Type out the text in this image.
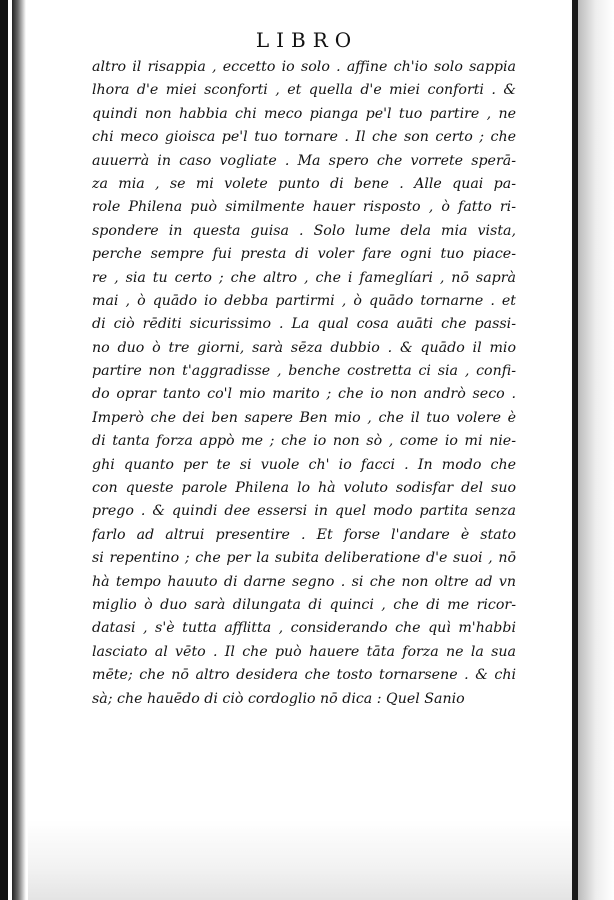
LIBRO
altro il risappia , eccetto io solo . affine ch'io solo sappia
lhora d'e miei sconforti , et quella d'e miei conforti . &
quindi non habbia chi meco pianga pe'l tuo partire , ne
chi meco gioisca pe'l tuo tornare . Il che son certo ; che
auuerrà in caso vogliate . Ma spero che vorrete sperā-
za mia , se mi volete punto di bene . Alle quai pa-
role Philena può similmente hauer risposto , ò fatto ri-
spondere in questa guisa . Solo lume dela mia vista,
perche sempre fui presta di voler fare ogni tuo piace-
re , sia tu certo ; che altro , che i fameglíari , nō saprà
mai , ò quādo io debba partirmi , ò quādo tornarne . et
di ciò rēditi sicurissimo . La qual cosa auāti che passi-
no duo ò tre giorni, sarà sēza dubbio . & quādo il mio
partire non t'aggradisse , benche costretta ci sia , confi-
do oprar tanto co'l mio marito ; che io non andrò seco .
Imperò che dei ben sapere Ben mio , che il tuo volere è
di tanta forza appò me ; che io non sò , come io mi nie-
ghi quanto per te si vuole ch' io facci . In modo che
con queste parole Philena lo hà voluto sodisfar del suo
prego . & quindi dee essersi in quel modo partita senza
farlo ad altrui presentire . Et forse l'andare è stato
si repentino ; che per la subita deliberatione d'e suoi , nō
hà tempo hauuto di darne segno . si che non oltre ad vn
miglio ò duo sarà dilungata di quinci , che di me ricor-
datasi , s'è tutta afflitta , considerando che quì m'habbi
lasciato al vēto . Il che può hauere tāta forza ne la sua
mēte; che nō altro desidera che tosto tornarsene . & chi
sà; che hauēdo di ciò cordoglio nō dica : Quel Sanio
